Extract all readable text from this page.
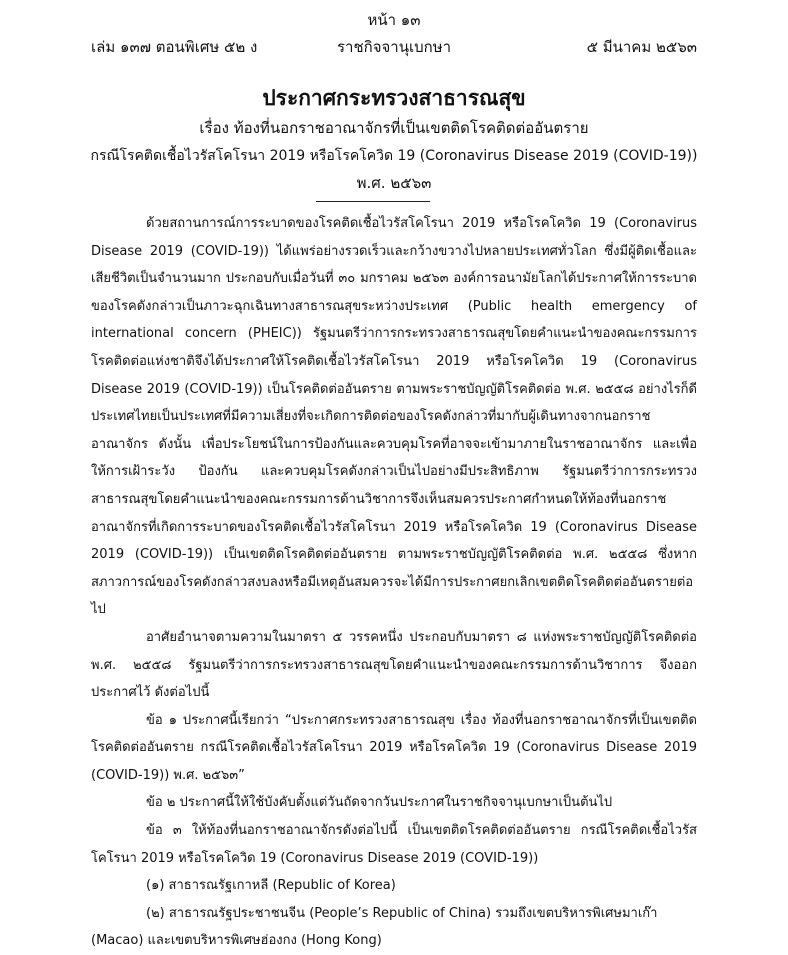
หน้า ๑๓
เล่ม ๑๓๗ ตอนพิเศษ ๕๒ ง	ราชกิจจานุเบกษา	๕ มีนาคม ๒๕๖๓
ประกาศกระทรวงสาธารณสุข
เรื่อง ท้องที่นอกราชอาณาจักรที่เป็นเขตติดโรคติดต่ออันตราย
กรณีโรคติดเชื้อไวรัสโคโรนา 2019 หรือโรคโควิด 19 (Coronavirus Disease 2019 (COVID-19))
พ.ศ. ๒๕๖๓

ด้วยสถานการณ์การระบาดของโรคติดเชื้อไวรัสโคโรนา 2019 หรือโรคโควิด 19 (Coronavirus Disease 2019 (COVID-19)) ได้แพร่อย่างรวดเร็วและกว้างขวางไปหลายประเทศทั่วโลก ซึ่งมีผู้ติดเชื้อและเสียชีวิตเป็นจำนวนมาก ประกอบกับเมื่อวันที่ ๓๐ มกราคม ๒๕๖๓ องค์การอนามัยโลกได้ประกาศให้การระบาดของโรคดังกล่าวเป็นภาวะฉุกเฉินทางสาธารณสุขระหว่างประเทศ (Public health emergency of international concern (PHEIC)) รัฐมนตรีว่าการกระทรวงสาธารณสุขโดยคำแนะนำของคณะกรรมการโรคติดต่อแห่งชาติจึงได้ประกาศให้โรคติดเชื้อไวรัสโคโรนา 2019 หรือโรคโควิด 19 (Coronavirus Disease 2019 (COVID-19)) เป็นโรคติดต่ออันตราย ตามพระราชบัญญัติโรคติดต่อ พ.ศ. ๒๕๕๘ อย่างไรก็ดี ประเทศไทยเป็นประเทศที่มีความเสี่ยงที่จะเกิดการติดต่อของโรคดังกล่าวที่มากับผู้เดินทางจากนอกราชอาณาจักร ดังนั้น เพื่อประโยชน์ในการป้องกันและควบคุมโรคที่อาจจะเข้ามาภายในราชอาณาจักร และเพื่อให้การเฝ้าระวัง ป้องกัน และควบคุมโรคดังกล่าวเป็นไปอย่างมีประสิทธิภาพ รัฐมนตรีว่าการกระทรวงสาธารณสุขโดยคำแนะนำของคณะกรรมการด้านวิชาการจึงเห็นสมควรประกาศกำหนดให้ท้องที่นอกราชอาณาจักรที่เกิดการระบาดของโรคติดเชื้อไวรัสโคโรนา 2019 หรือโรคโควิด 19 (Coronavirus Disease 2019 (COVID-19)) เป็นเขตติดโรคติดต่ออันตราย ตามพระราชบัญญัติโรคติดต่อ พ.ศ. ๒๕๕๘ ซึ่งหากสภาวการณ์ของโรคดังกล่าวสงบลงหรือมีเหตุอันสมควรจะได้มีการประกาศยกเลิกเขตติดโรคติดต่ออันตรายต่อไป

อาศัยอำนาจตามความในมาตรา ๕ วรรคหนึ่ง ประกอบกับมาตรา ๘ แห่งพระราชบัญญัติโรคติดต่อ พ.ศ. ๒๕๕๘ รัฐมนตรีว่าการกระทรวงสาธารณสุขโดยคำแนะนำของคณะกรรมการด้านวิชาการ จึงออกประกาศไว้ ดังต่อไปนี้

ข้อ ๑ ประกาศนี้เรียกว่า “ประกาศกระทรวงสาธารณสุข เรื่อง ท้องที่นอกราชอาณาจักรที่เป็นเขตติดโรคติดต่ออันตราย กรณีโรคติดเชื้อไวรัสโคโรนา 2019 หรือโรคโควิด 19 (Coronavirus Disease 2019 (COVID-19)) พ.ศ. ๒๕๖๓”

ข้อ ๒ ประกาศนี้ให้ใช้บังคับตั้งแต่วันถัดจากวันประกาศในราชกิจจานุเบกษาเป็นต้นไป

ข้อ ๓ ให้ท้องที่นอกราชอาณาจักรดังต่อไปนี้ เป็นเขตติดโรคติดต่ออันตราย กรณีโรคติดเชื้อไวรัสโคโรนา 2019 หรือโรคโควิด 19 (Coronavirus Disease 2019 (COVID-19))

(๑) สาธารณรัฐเกาหลี (Republic of Korea)

(๒) สาธารณรัฐประชาชนจีน (People’s Republic of China) รวมถึงเขตบริหารพิเศษมาเก๊า (Macao) และเขตบริหารพิเศษฮ่องกง (Hong Kong)
